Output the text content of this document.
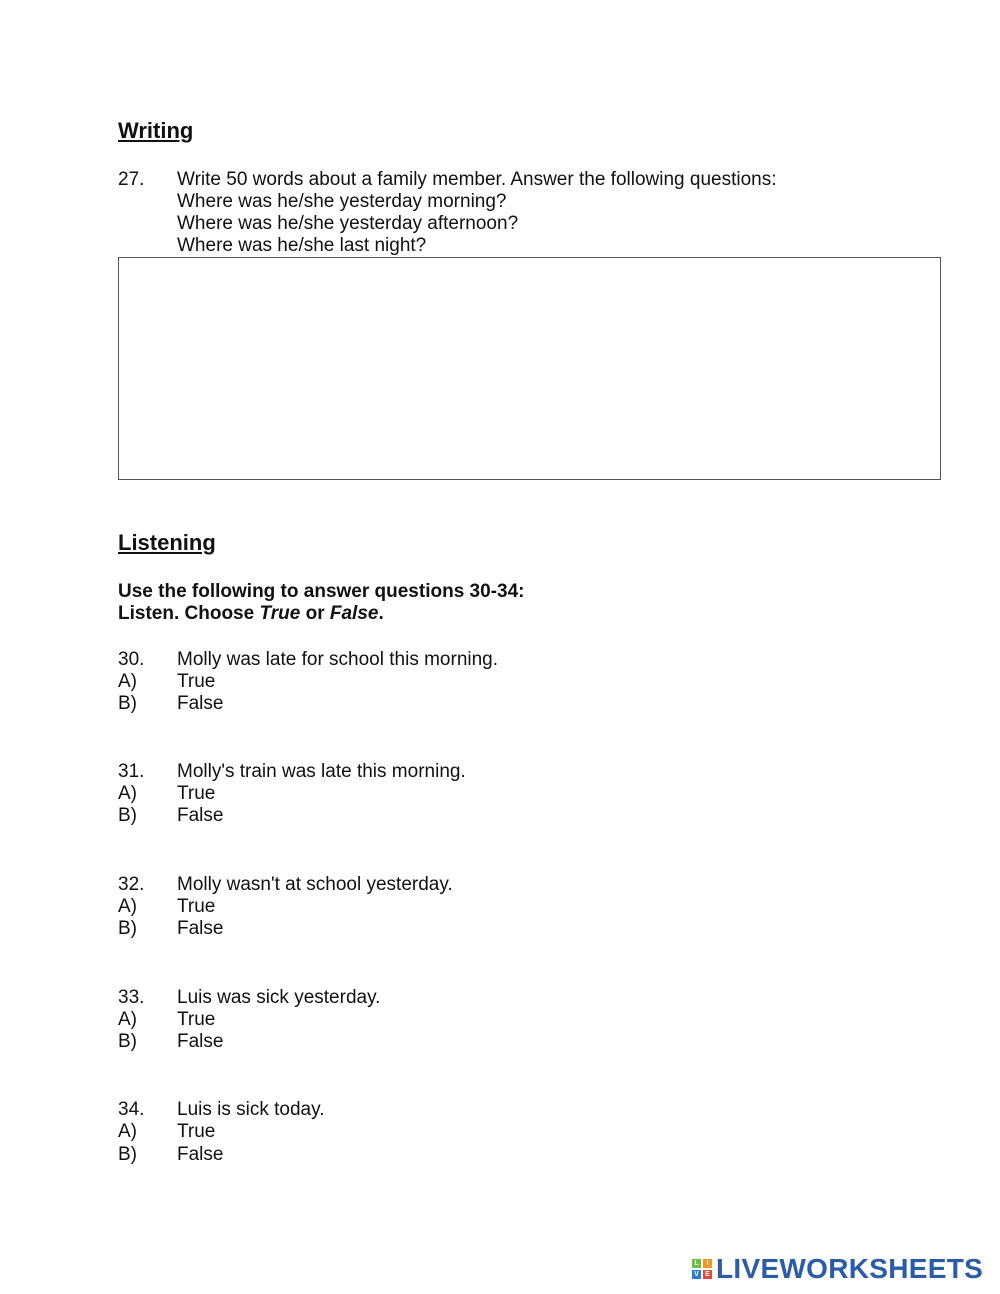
Writing
27. Write 50 words about a family member. Answer the following questions:
Where was he/she yesterday morning?
Where was he/she yesterday afternoon?
Where was he/she last night?
Listening
Use the following to answer questions 30-34:
Listen. Choose True or False.
30. Molly was late for school this morning.
A) True
B) False
31. Molly's train was late this morning.
A) True
B) False
32. Molly wasn't at school yesterday.
A) True
B) False
33. Luis was sick yesterday.
A) True
B) False
34. Luis is sick today.
A) True
B) False
L	I
V E LIVEWORKSHEETS
